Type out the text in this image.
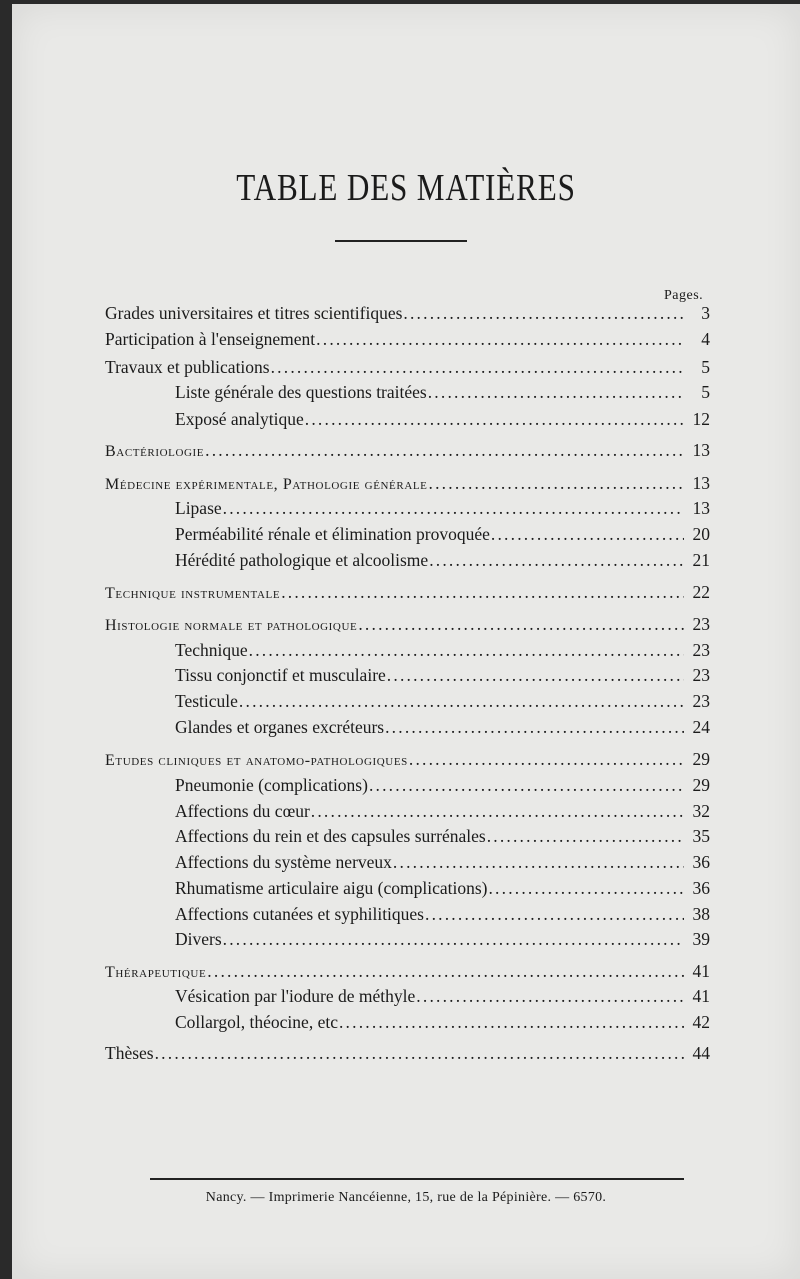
TABLE DES MATIÈRES
Pages.
Grades universitaires et titres scientifiques .....	3
Participation à l'enseignement .....	4
Travaux et publications .....	5
Liste générale des questions traitées .....	5
Exposé analytique .....	12
Bactériologie .....	13
Médecine expérimentale, Pathologie générale .....	13
Lipase .....	13
Perméabilité rénale et élimination provoquée .....	20
Hérédité pathologique et alcoolisme .....	21
Technique instrumentale .....	22
Histologie normale et pathologique .....	23
Technique .....	23
Tissu conjonctif et musculaire .....	23
Testicule .....	23
Glandes et organes excréteurs .....	24
Etudes cliniques et anatomo-pathologiques .....	29
Pneumonie (complications) .....	29
Affections du cœur .....	32
Affections du rein et des capsules surrénales .....	35
Affections du système nerveux .....	36
Rhumatisme articulaire aigu (complications) .....	36
Affections cutanées et syphilitiques .....	38
Divers .....	39
Thérapeutique .....	41
Vésication par l'iodure de méthyle .....	41
Collargol, théocine, etc .....	42
Thèses .....	44
Nancy. — Imprimerie Nancéienne, 15, rue de la Pépinière. — 6570.
